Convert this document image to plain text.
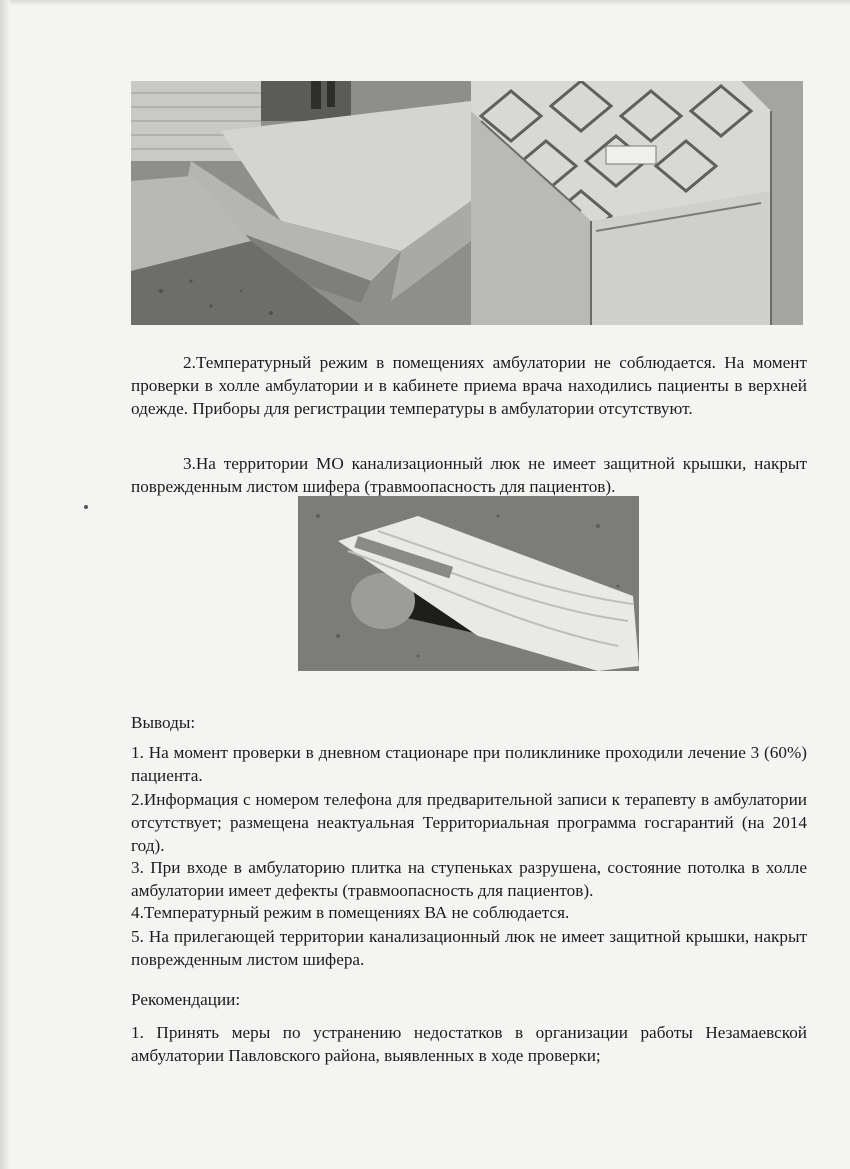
2.Температурный режим в помещениях амбулатории не соблюдается. На момент проверки в холле амбулатории и в кабинете приема врача находились пациенты в верхней одежде. Приборы для регистрации температуры в амбулатории отсутствуют.

3.На территории МО канализационный люк не имеет защитной крышки, накрыт поврежденным листом шифера (травмоопасность для пациентов).

Выводы:

1. На момент проверки в дневном стационаре при поликлинике проходили лечение 3 (60%) пациента.

2.Информация с номером телефона для предварительной записи к терапевту в амбулатории отсутствует; размещена неактуальная Территориальная программа госгарантий (на 2014 год).

3. При входе в амбулаторию плитка на ступеньках разрушена, состояние потолка в холле амбулатории имеет дефекты (травмоопасность для пациентов).

4.Температурный режим в помещениях ВА не соблюдается.

5. На прилегающей территории канализационный люк не имеет защитной крышки, накрыт поврежденным листом шифера.

Рекомендации:

1. Принять меры по устранению недостатков в организации работы Незамаевской амбулатории Павловского района, выявленных в ходе проверки;
